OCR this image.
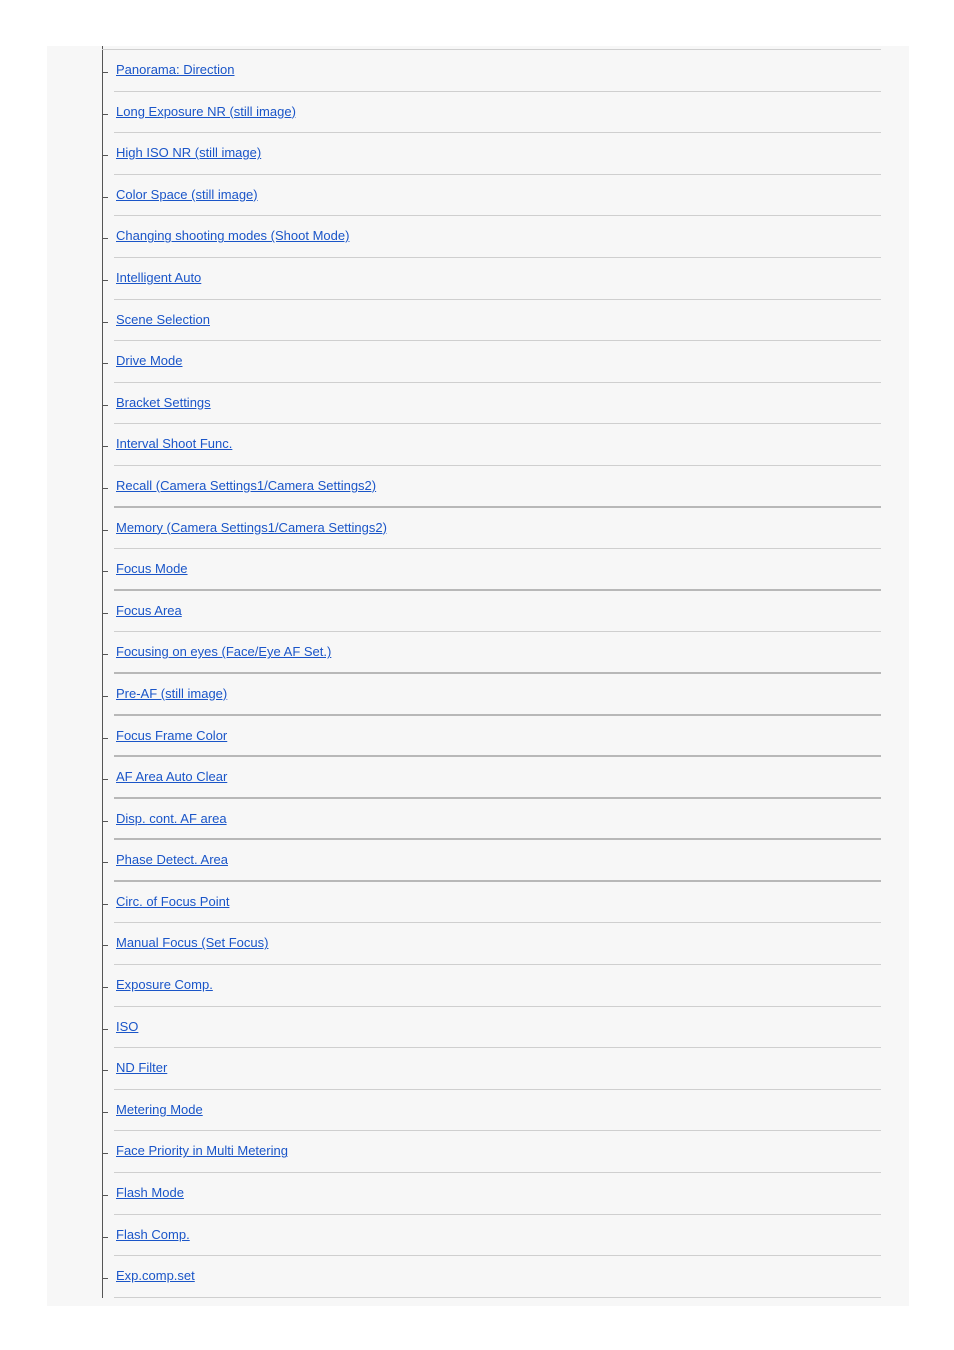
Panorama: Direction
Long Exposure NR (still image)
High ISO NR (still image)
Color Space (still image)
Changing shooting modes (Shoot Mode)
Intelligent Auto
Scene Selection
Drive Mode
Bracket Settings
Interval Shoot Func.
Recall (Camera Settings1/Camera Settings2)
Memory (Camera Settings1/Camera Settings2)
Focus Mode
Focus Area
Focusing on eyes (Face/Eye AF Set.)
Pre-AF (still image)
Focus Frame Color
AF Area Auto Clear
Disp. cont. AF area
Phase Detect. Area
Circ. of Focus Point
Manual Focus (Set Focus)
Exposure Comp.
ISO
ND Filter
Metering Mode
Face Priority in Multi Metering
Flash Mode
Flash Comp.
Exp.comp.set
